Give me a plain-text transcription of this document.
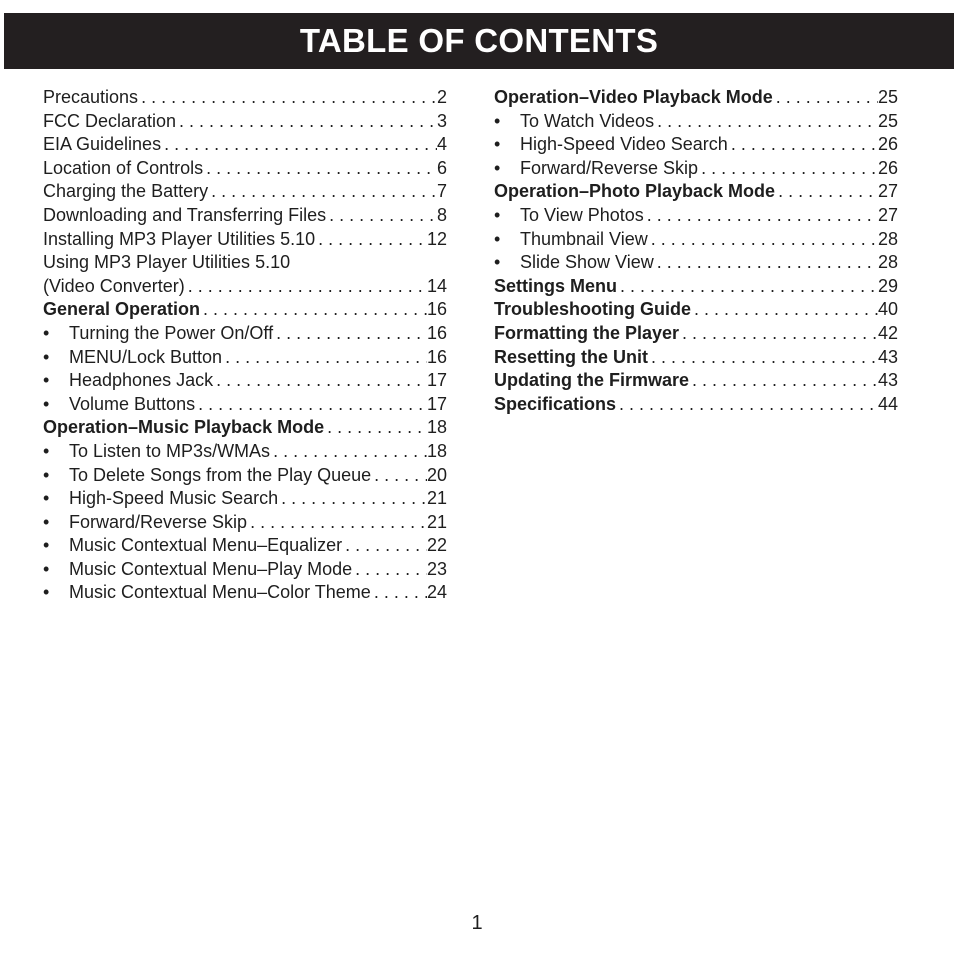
TABLE OF CONTENTS
Precautions . . .	2
FCC Declaration . . .	3
EIA Guidelines . . .	4
Location of Controls . . .	6
Charging the Battery . . .	7
Downloading and Transferring Files . . .	8
Installing MP3 Player Utilities 5.10 . . .	12
Using MP3 Player Utilities 5.10
(Video Converter) . . .	14
General Operation . . .	16
• Turning the Power On/Off . . .	16
• MENU/Lock Button . . .	16
• Headphones Jack . . .	17
• Volume Buttons . . .	17
Operation–Music Playback Mode . . .	18
• To Listen to MP3s/WMAs . . .	18
• To Delete Songs from the Play Queue . . .	20
• High-Speed Music Search . . .	21
• Forward/Reverse Skip . . .	21
• Music Contextual Menu–Equalizer . . .	22
• Music Contextual Menu–Play Mode . . .	23
• Music Contextual Menu–Color Theme . . .	24
Operation–Video Playback Mode . . .	25
• To Watch Videos . . .	25
• High-Speed Video Search . . .	26
• Forward/Reverse Skip . . .	26
Operation–Photo Playback Mode . . .	27
• To View Photos . . .	27
• Thumbnail View . . .	28
• Slide Show View . . .	28
Settings Menu . . .	29
Troubleshooting Guide . . .	40
Formatting the Player . . .	42
Resetting the Unit . . .	43
Updating the Firmware . . .	43
Specifications . . .	44
1
